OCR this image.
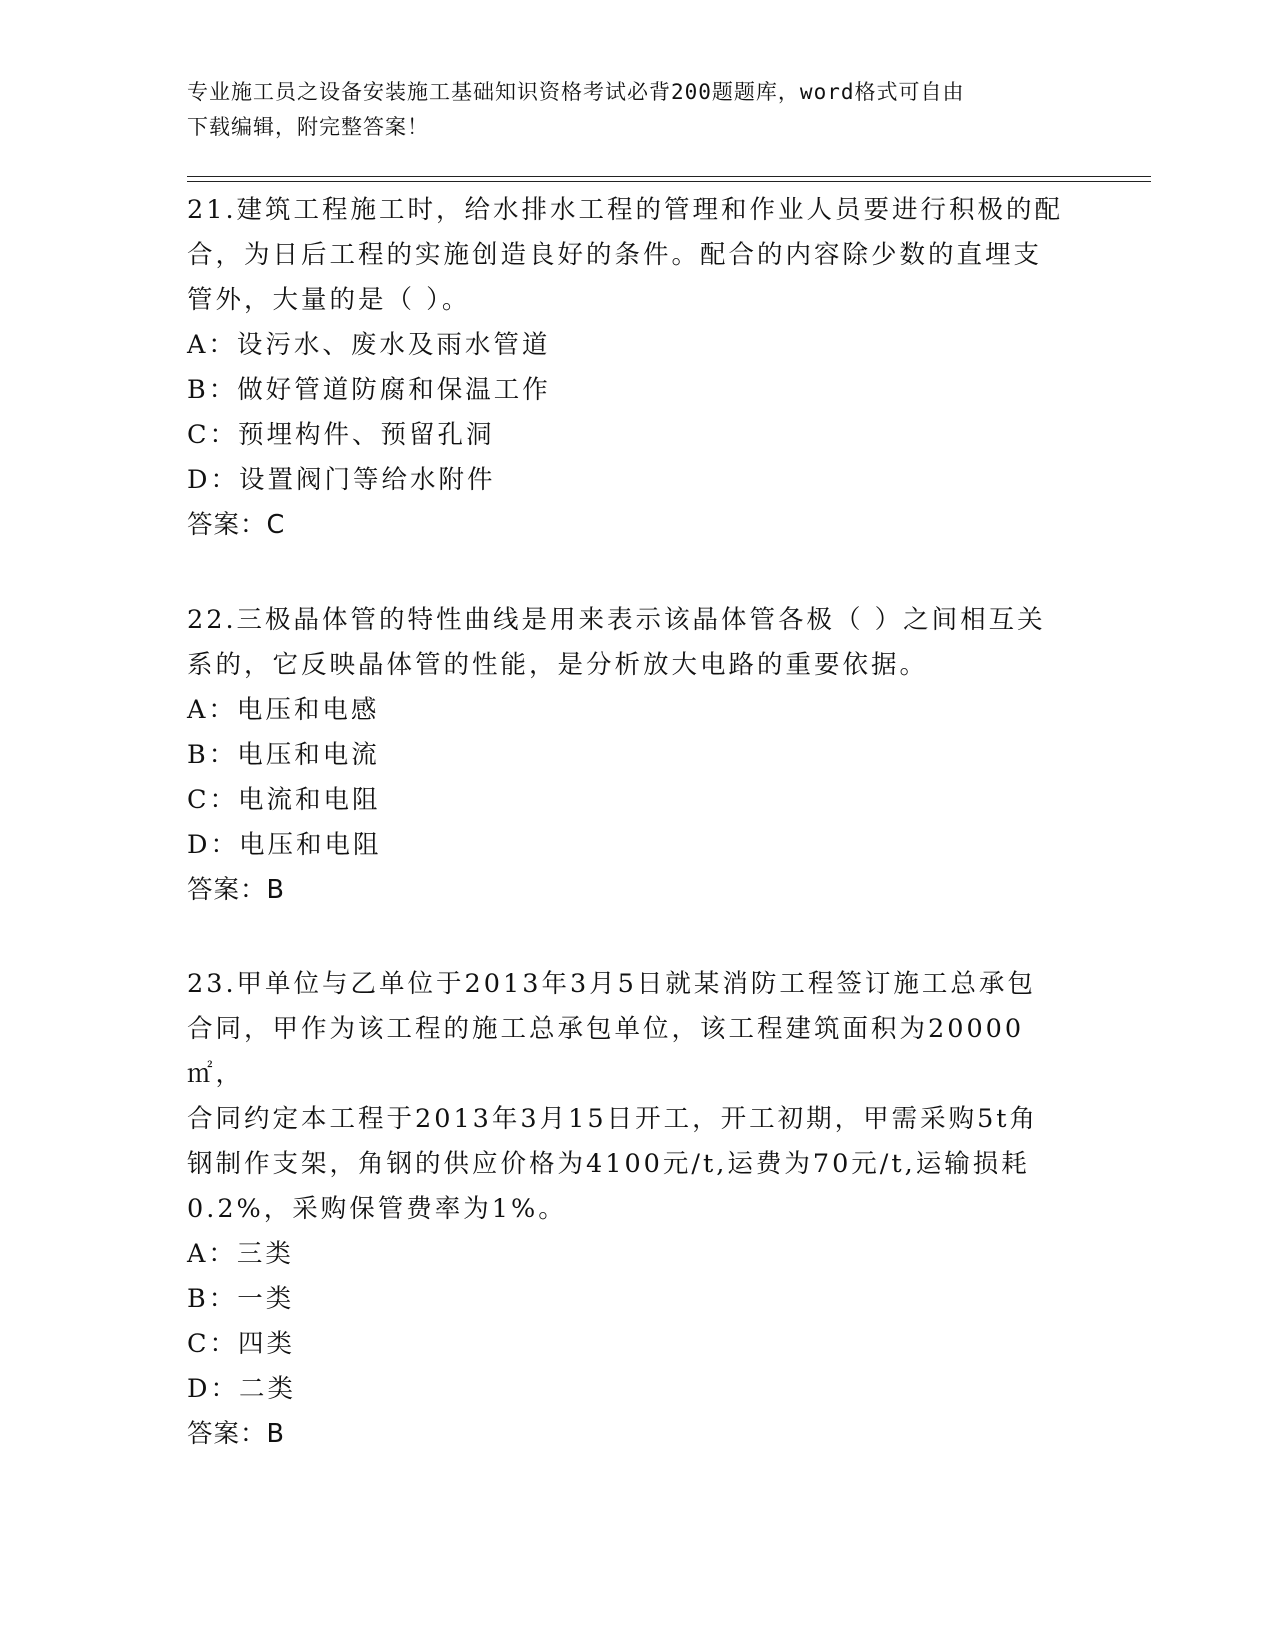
专业施工员之设备安装施工基础知识资格考试必背200题题库，word格式可自由
下载编辑，附完整答案！

21.建筑工程施工时，给水排水工程的管理和作业人员要进行积极的配

合，为日后工程的实施创造良好的条件。配合的内容除少数的直埋支

管外，大量的是（ ）。

A：设污水、废水及雨水管道

B：做好管道防腐和保温工作

C：预埋构件、预留孔洞

D：设置阀门等给水附件

答案：C

22.三极晶体管的特性曲线是用来表示该晶体管各极（ ）之间相互关

系的，它反映晶体管的性能，是分析放大电路的重要依据。

A：电压和电感

B：电压和电流

C：电流和电阻

D：电压和电阻

答案：B

23.甲单位与乙单位于2013年3月5日就某消防工程签订施工总承包

合同，甲作为该工程的施工总承包单位，该工程建筑面积为20000㎡，

合同约定本工程于2013年3月15日开工，开工初期，甲需采购5t角

钢制作支架，角钢的供应价格为4100元/t,运费为70元/t,运输损耗

0.2%，采购保管费率为1%。

A：三类

B：一类

C：四类

D：二类

答案：B
